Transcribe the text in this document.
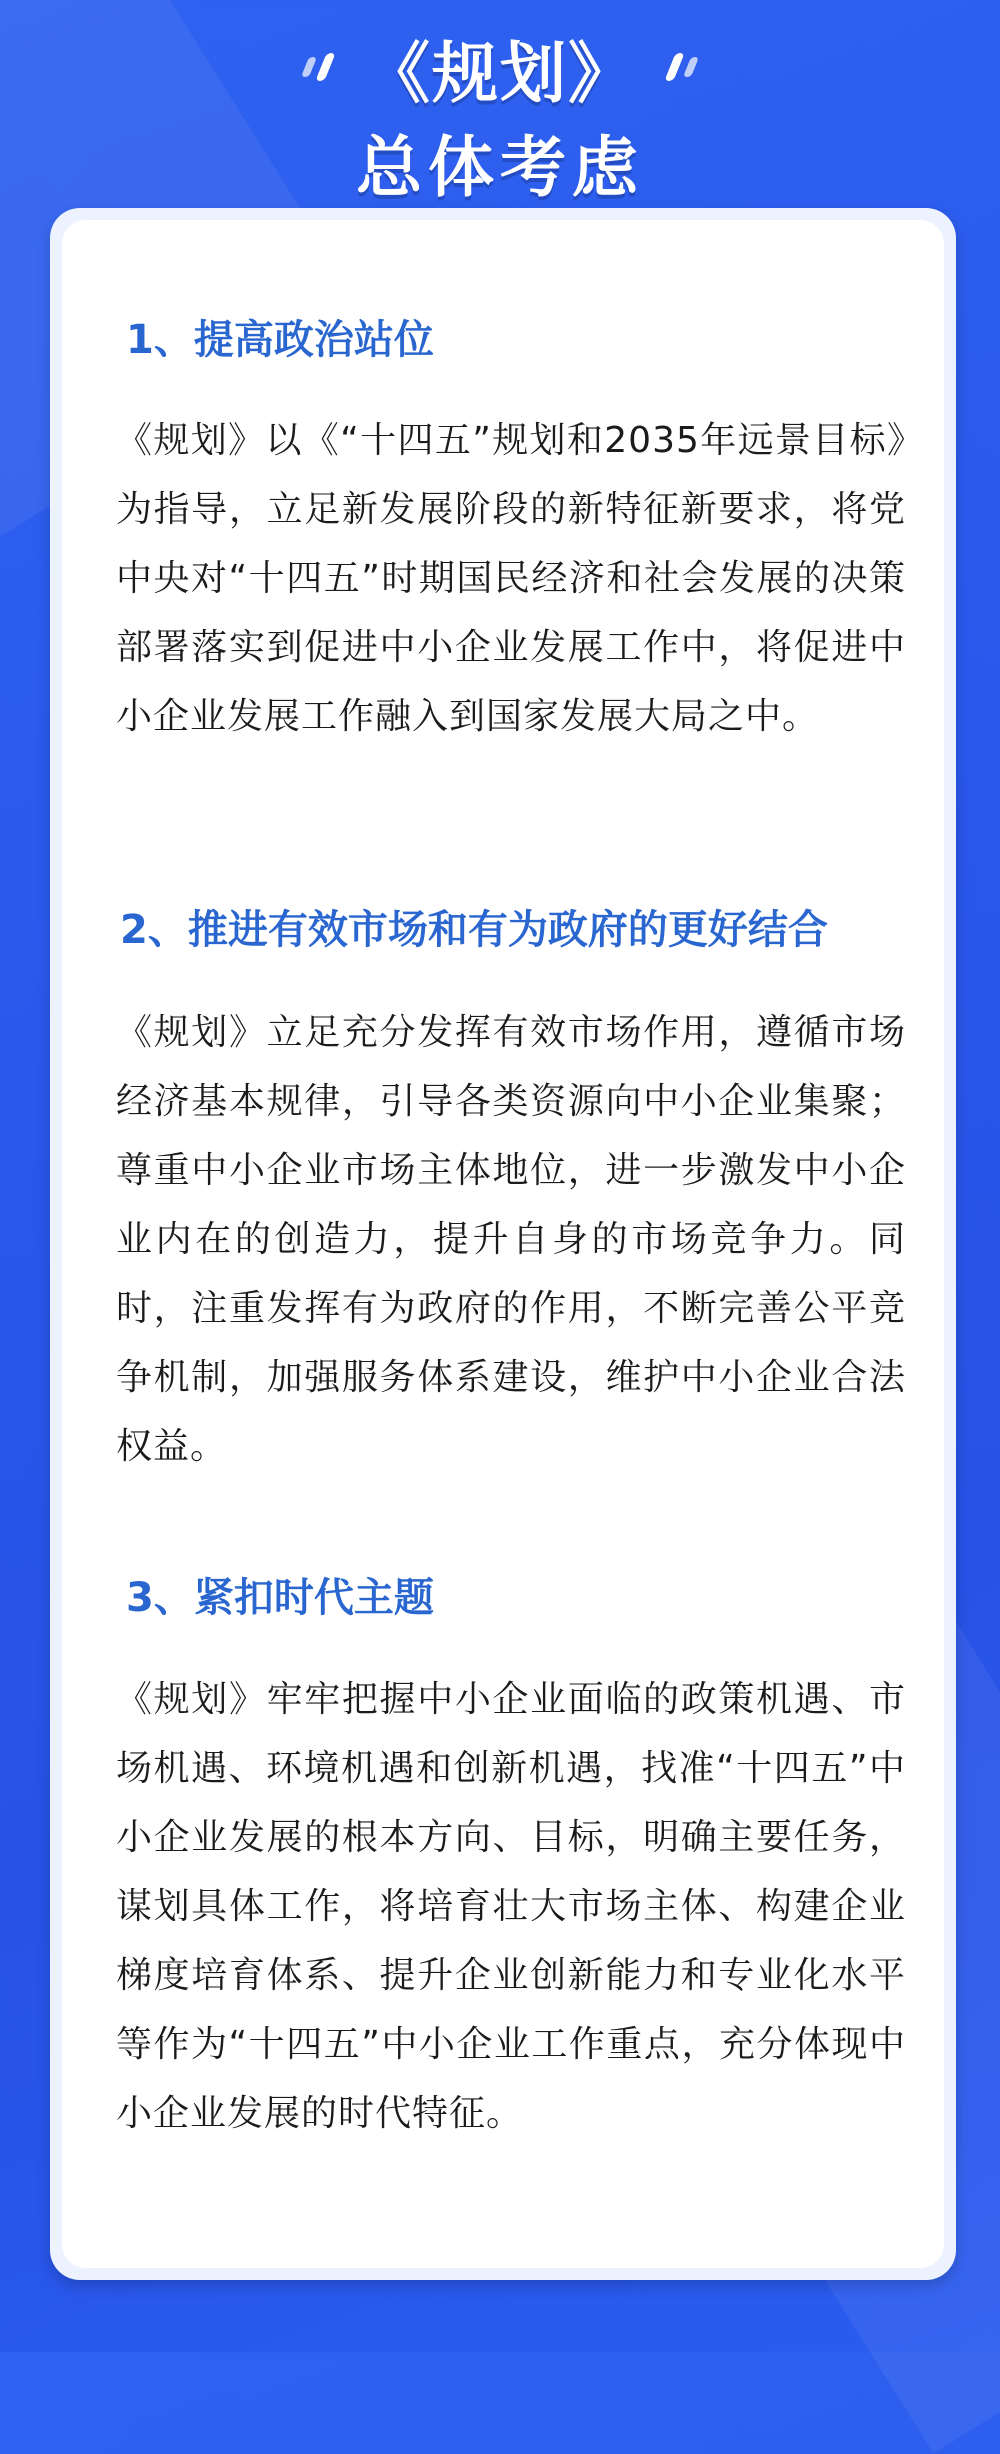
《规划》
总体考虑
1、提高政治站位
《规划》以《“十四五”规划和2035年远景目标》为指导，立足新发展阶段的新特征新要求，将党中央对“十四五”时期国民经济和社会发展的决策部署落实到促进中小企业发展工作中，将促进中小企业发展工作融入到国家发展大局之中。
2、推进有效市场和有为政府的更好结合
《规划》立足充分发挥有效市场作用，遵循市场经济基本规律，引导各类资源向中小企业集聚；尊重中小企业市场主体地位，进一步激发中小企业内在的创造力，提升自身的市场竞争力。同时，注重发挥有为政府的作用，不断完善公平竞争机制，加强服务体系建设，维护中小企业合法权益。
3、紧扣时代主题
《规划》牢牢把握中小企业面临的政策机遇、市场机遇、环境机遇和创新机遇，找准“十四五”中小企业发展的根本方向、目标，明确主要任务，谋划具体工作，将培育壮大市场主体、构建企业梯度培育体系、提升企业创新能力和专业化水平等作为“十四五”中小企业工作重点，充分体现中小企业发展的时代特征。
